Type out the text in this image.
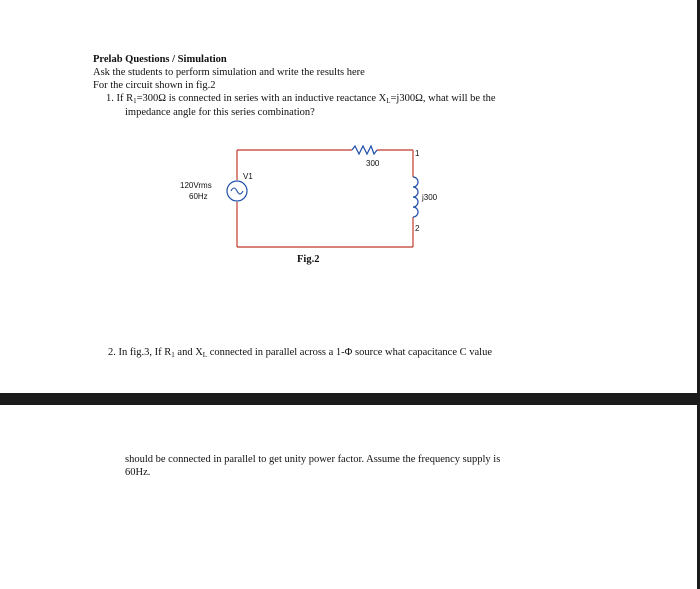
Prelab Questions / Simulation
Ask the students to perform simulation and write the results here
For the circuit shown in fig.2
1. If $R_1=300\Omega$ is connected in series with an inductive reactance $X_L=j300\Omega$, what will be the
impedance angle for this series combination?
120Vrms
60Hz
V1
300
j300
1
2
Fig.2
2. In fig.3, If $R_1$ and $X_L$ connected in parallel across a 1-Φ source what capacitance C value
should be connected in parallel to get unity power factor. Assume the frequency supply is
60Hz.
